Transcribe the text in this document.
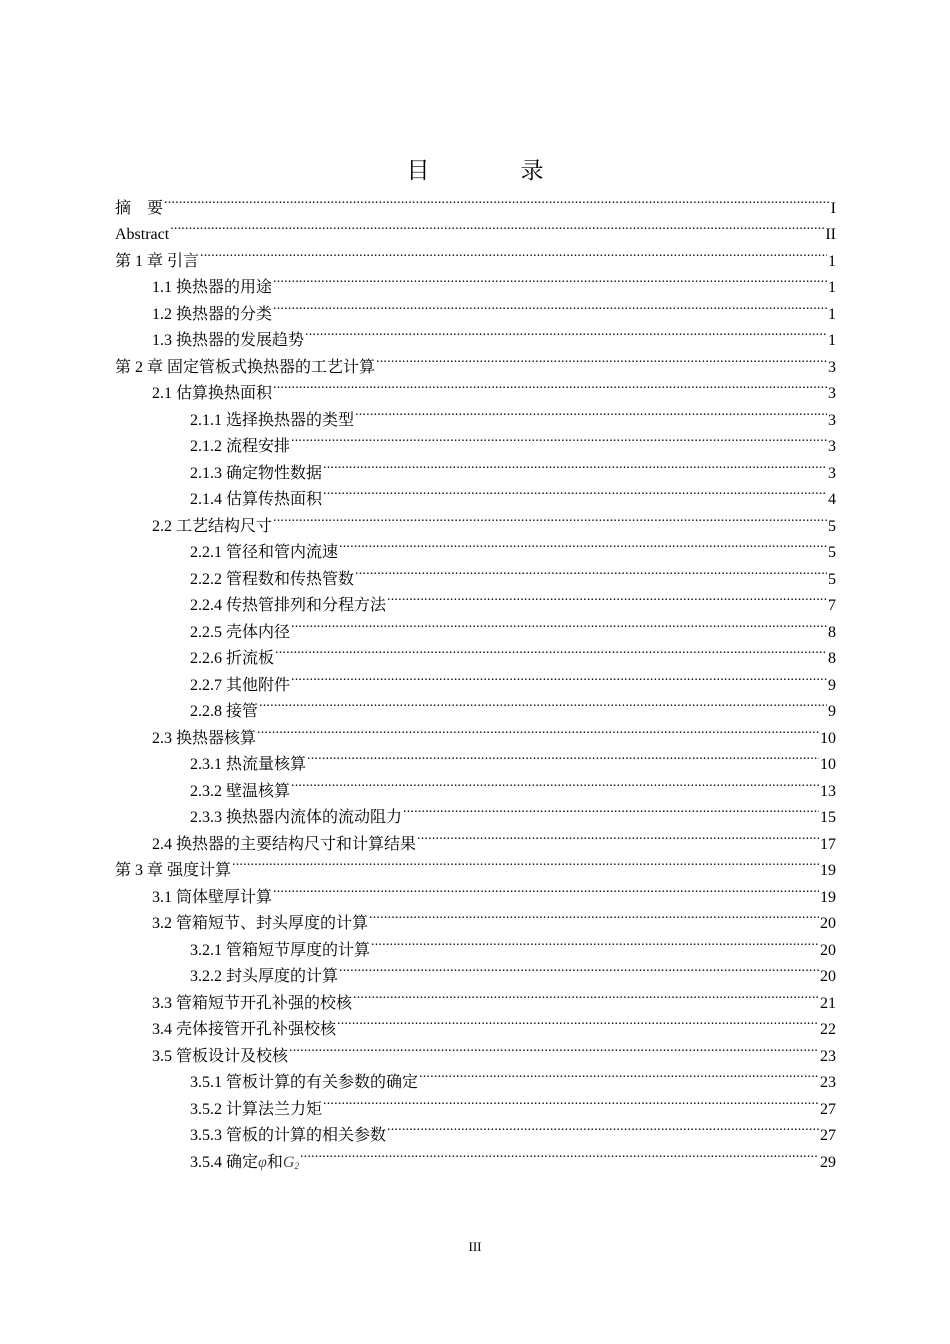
目　录
摘　要 .....	I
Abstract .....	II
第 1 章 引言 .....	1
1.1 换热器的用途 .....	1
1.2 换热器的分类 .....	1
1.3 换热器的发展趋势 .....	1
第 2 章 固定管板式换热器的工艺计算 .....	3
2.1 估算换热面积 .....	3
2.1.1 选择换热器的类型 .....	3
2.1.2 流程安排 .....	3
2.1.3 确定物性数据 .....	3
2.1.4 估算传热面积 .....	4
2.2 工艺结构尺寸 .....	5
2.2.1 管径和管内流速 .....	5
2.2.2 管程数和传热管数 .....	5
2.2.4 传热管排列和分程方法 .....	7
2.2.5 壳体内径 .....	8
2.2.6 折流板 .....	8
2.2.7 其他附件 .....	9
2.2.8 接管 .....	9
2.3 换热器核算 .....	10
2.3.1 热流量核算 .....	10
2.3.2 壁温核算 .....	13
2.3.3 换热器内流体的流动阻力 .....	15
2.4 换热器的主要结构尺寸和计算结果 .....	17
第 3 章 强度计算 .....	19
3.1 筒体壁厚计算 .....	19
3.2 管箱短节、封头厚度的计算 .....	20
3.2.1 管箱短节厚度的计算 .....	20
3.2.2 封头厚度的计算 .....	20
3.3 管箱短节开孔补强的校核 .....	21
3.4 壳体接管开孔补强校核 .....	22
3.5 管板设计及校核 .....	23
3.5.1 管板计算的有关参数的确定 .....	23
3.5.2 计算法兰力矩 .....	27
3.5.3 管板的计算的相关参数 .....	27
3.5.4 确定 φ 和 $G_2$ .....	29
III
